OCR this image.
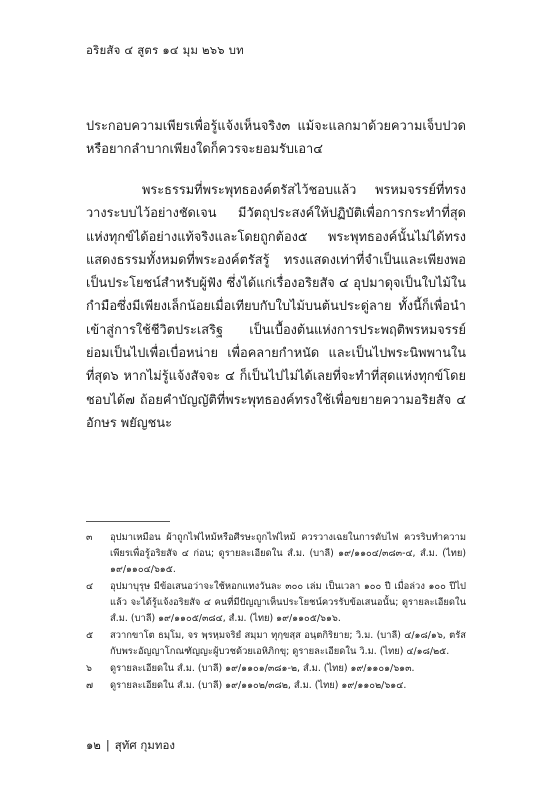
อริยสัจ ๔ สูตร ๑๔ มุม ๒๖๖ บท

ประกอบความเพียรเพื่อรู้แจ้งเห็นจริง๓ แม้จะแลกมาด้วยความเจ็บปวดหรือยากลำบากเพียงใดก็ควรจะยอมรับเอา๔

พระธรรมที่พระพุทธองค์ตรัสไว้ชอบแล้ว พรหมจรรย์ที่ทรงวางระบบไว้อย่างชัดเจน มีวัตถุประสงค์ให้ปฏิบัติเพื่อการกระทำที่สุดแห่งทุกข์ได้อย่างแท้จริงและโดยถูกต้อง๕ พระพุทธองค์นั้นไม่ได้ทรงแสดงธรรมทั้งหมดที่พระองค์ตรัสรู้ ทรงแสดงเท่าที่จำเป็นและเพียงพอ เป็นประโยชน์สำหรับผู้ฟัง ซึ่งได้แก่เรื่องอริยสัจ ๔ อุปมาดุจเป็นใบไม้ในกำมือซึ่งมีเพียงเล็กน้อยเมื่อเทียบกับใบไม้บนต้นประดู่ลาย ทั้งนี้ก็เพื่อนำเข้าสู่การใช้ชีวิตประเสริฐ เป็นเบื้องต้นแห่งการประพฤติพรหมจรรย์ ย่อมเป็นไปเพื่อเบื่อหน่าย เพื่อคลายกำหนัด และเป็นไปพระนิพพานในที่สุด๖ หากไม่รู้แจ้งสัจจะ ๔ ก็เป็นไปไม่ได้เลยที่จะทำที่สุดแห่งทุกข์โดยชอบได้๗ ถ้อยคำบัญญัติที่พระพุทธองค์ทรงใช้เพื่อขยายความอริยสัจ ๔ อักษร พยัญชนะ

๓	อุปมาเหมือน ผ้าถูกไฟไหม้หรือศีรษะถูกไฟไหม้ ควรวางเฉยในการดับไฟ ควรริบทำความเพียรเพื่อรู้อริยสัจ ๔ ก่อน; ดูรายละเอียดใน สํ.ม. (บาลี) ๑๙/๑๑๐๔/๓๘๓-๔, สํ.ม. (ไทย) ๑๙/๑๑๐๔/๖๑๕.
๔	อุปมาบุรุษ มีข้อเสนอว่าจะใช้หอกแทงวันละ ๓๐๐ เล่ม เป็นเวลา ๑๐๐ ปี เมื่อล่วง ๑๐๐ ปีไปแล้ว จะได้รู้แจ้งอริยสัจ ๔ คนที่มีปัญญาเห็นประโยชน์ควรรับข้อเสนอนั้น; ดูรายละเอียดใน สํ.ม. (บาลี) ๑๙/๑๑๐๕/๓๘๔, สํ.ม. (ไทย) ๑๙/๑๑๐๕/๖๑๖.
๕	สวากขาโต ธมฺโม, จร พฺรหฺมจริยํ สมฺมา ทุกฺขสฺส อนฺตกิริยาย; วิ.ม. (บาลี) ๔/๑๘/๑๖, ตรัสกับพระอัญญาโกณฑัญญะผู้บวชด้วยเอหิภิกขุ; ดูรายละเอียดใน วิ.ม. (ไทย) ๔/๑๘/๒๕.
๖	ดูรายละเอียดใน สํ.ม. (บาลี) ๑๙/๑๑๐๑/๓๘๑-๒, สํ.ม. (ไทย) ๑๙/๑๑๐๑/๖๑๓.
๗	ดูรายละเอียดใน สํ.ม. (บาลี) ๑๙/๑๑๐๒/๓๘๒, สํ.ม. (ไทย) ๑๙/๑๑๐๒/๖๑๔.
๑๒ | สุทัศ กุมทอง
